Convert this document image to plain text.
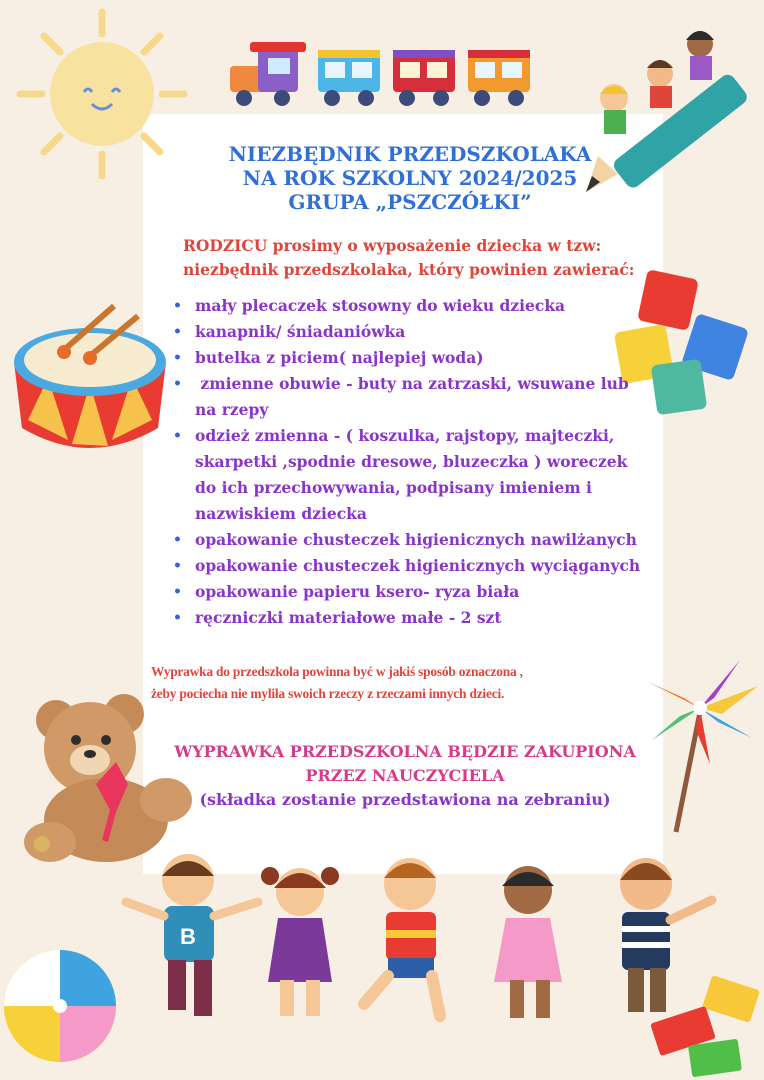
B
NIEZBĘDNIK PRZEDSZKOLAKA
NA ROK SZKOLNY 2024/2025
GRUPA „PSZCZÓŁKI”
RODZICU prosimy o wyposażenie dziecka w tzw:
niezbędnik przedszkolaka, który powinien zawierać:
• mały plecaczek stosowny do wieku dziecka
• kanapnik/ śniadaniówka
• butelka z piciem( najlepiej woda)
• zmienne obuwie - buty na zatrzaski, wsuwane lub na rzepy
• odzież zmienna - ( koszulka, rajstopy, majteczki, skarpetki ,spodnie dresowe, bluzeczka ) woreczek do ich przechowywania, podpisany imieniem i nazwiskiem dziecka
• opakowanie chusteczek higienicznych nawilżanych
• opakowanie chusteczek higienicznych wyciąganych
• opakowanie papieru ksero- ryza biała
• ręczniczki materiałowe małe - 2 szt
Wyprawka do przedszkola powinna być w jakiś sposób oznaczona ,
żeby pociecha nie myliła swoich rzeczy z rzeczami innych dzieci.
WYPRAWKA PRZEDSZKOLNA BĘDZIE ZAKUPIONA
PRZEZ NAUCZYCIELA
(składka zostanie przedstawiona na zebraniu)
